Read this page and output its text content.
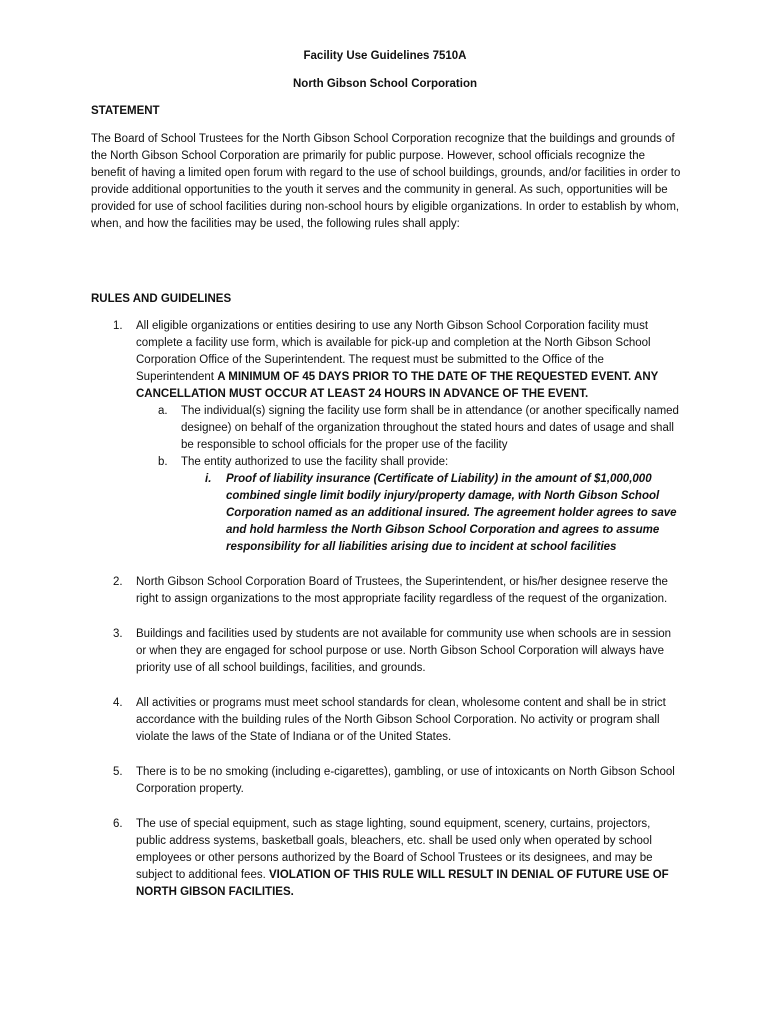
Facility Use Guidelines 7510A
North Gibson School Corporation
STATEMENT

The Board of School Trustees for the North Gibson School Corporation recognize that the buildings and grounds of the North Gibson School Corporation are primarily for public purpose. However, school officials recognize the benefit of having a limited open forum with regard to the use of school buildings, grounds, and/or facilities in order to provide additional opportunities to the youth it serves and the community in general. As such, opportunities will be provided for use of school facilities during non-school hours by eligible organizations. In order to establish by whom, when, and how the facilities may be used, the following rules shall apply:

RULES AND GUIDELINES
1. All eligible organizations or entities desiring to use any North Gibson School Corporation facility must complete a facility use form, which is available for pick-up and completion at the North Gibson School Corporation Office of the Superintendent. The request must be submitted to the Office of the Superintendent A MINIMUM OF 45 DAYS PRIOR TO THE DATE OF THE REQUESTED EVENT. ANY CANCELLATION MUST OCCUR AT LEAST 24 HOURS IN ADVANCE OF THE EVENT.
a. The individual(s) signing the facility use form shall be in attendance (or another specifically named designee) on behalf of the organization throughout the stated hours and dates of usage and shall be responsible to school officials for the proper use of the facility
b. The entity authorized to use the facility shall provide:
i. Proof of liability insurance (Certificate of Liability) in the amount of $1,000,000 combined single limit bodily injury/property damage, with North Gibson School Corporation named as an additional insured. The agreement holder agrees to save and hold harmless the North Gibson School Corporation and agrees to assume responsibility for all liabilities arising due to incident at school facilities
2. North Gibson School Corporation Board of Trustees, the Superintendent, or his/her designee reserve the right to assign organizations to the most appropriate facility regardless of the request of the organization.
3. Buildings and facilities used by students are not available for community use when schools are in session or when they are engaged for school purpose or use. North Gibson School Corporation will always have priority use of all school buildings, facilities, and grounds.
4. All activities or programs must meet school standards for clean, wholesome content and shall be in strict accordance with the building rules of the North Gibson School Corporation. No activity or program shall violate the laws of the State of Indiana or of the United States.
5. There is to be no smoking (including e-cigarettes), gambling, or use of intoxicants on North Gibson School Corporation property.
6. The use of special equipment, such as stage lighting, sound equipment, scenery, curtains, projectors, public address systems, basketball goals, bleachers, etc. shall be used only when operated by school employees or other persons authorized by the Board of School Trustees or its designees, and may be subject to additional fees. VIOLATION OF THIS RULE WILL RESULT IN DENIAL OF FUTURE USE OF NORTH GIBSON FACILITIES.
